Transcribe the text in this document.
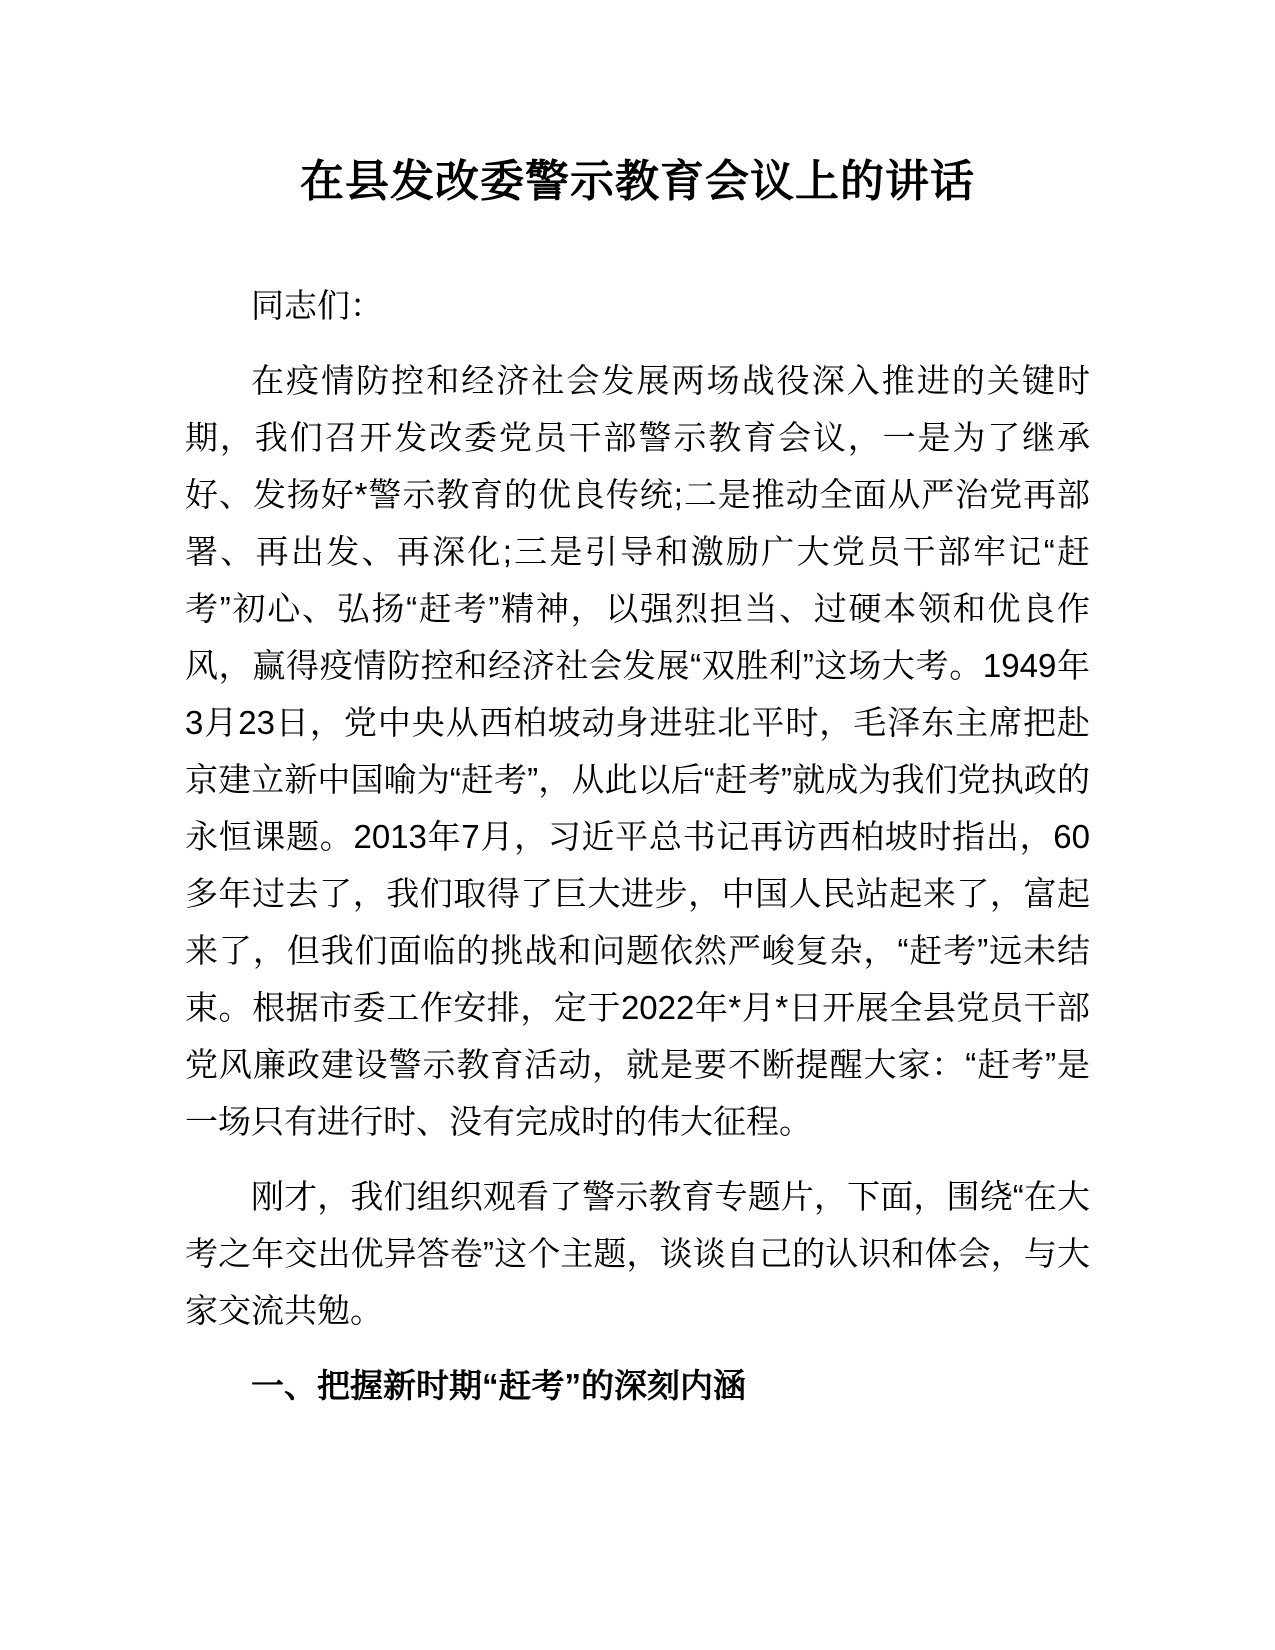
在县发改委警示教育会议上的讲话

同志们：

在疫情防控和经济社会发展两场战役深入推进的关键时期，我们召开发改委党员干部警示教育会议，一是为了继承好、发扬好*警示教育的优良传统;二是推动全面从严治党再部署、再出发、再深化;三是引导和激励广大党员干部牢记“赶考”初心、弘扬“赶考”精神，以强烈担当、过硬本领和优良作风，赢得疫情防控和经济社会发展“双胜利”这场大考。1949年3月23日，党中央从西柏坡动身进驻北平时，毛泽东主席把赴京建立新中国喻为“赶考”，从此以后“赶考”就成为我们党执政的永恒课题。2013年7月，习近平总书记再访西柏坡时指出，60多年过去了，我们取得了巨大进步，中国人民站起来了，富起来了，但我们面临的挑战和问题依然严峻复杂，“赶考”远未结束。根据市委工作安排，定于2022年*月*日开展全县党员干部党风廉政建设警示教育活动，就是要不断提醒大家：“赶考”是一场只有进行时、没有完成时的伟大征程。

刚才，我们组织观看了警示教育专题片，下面，围绕“在大考之年交出优异答卷”这个主题，谈谈自己的认识和体会，与大家交流共勉。

一、把握新时期“赶考”的深刻内涵
